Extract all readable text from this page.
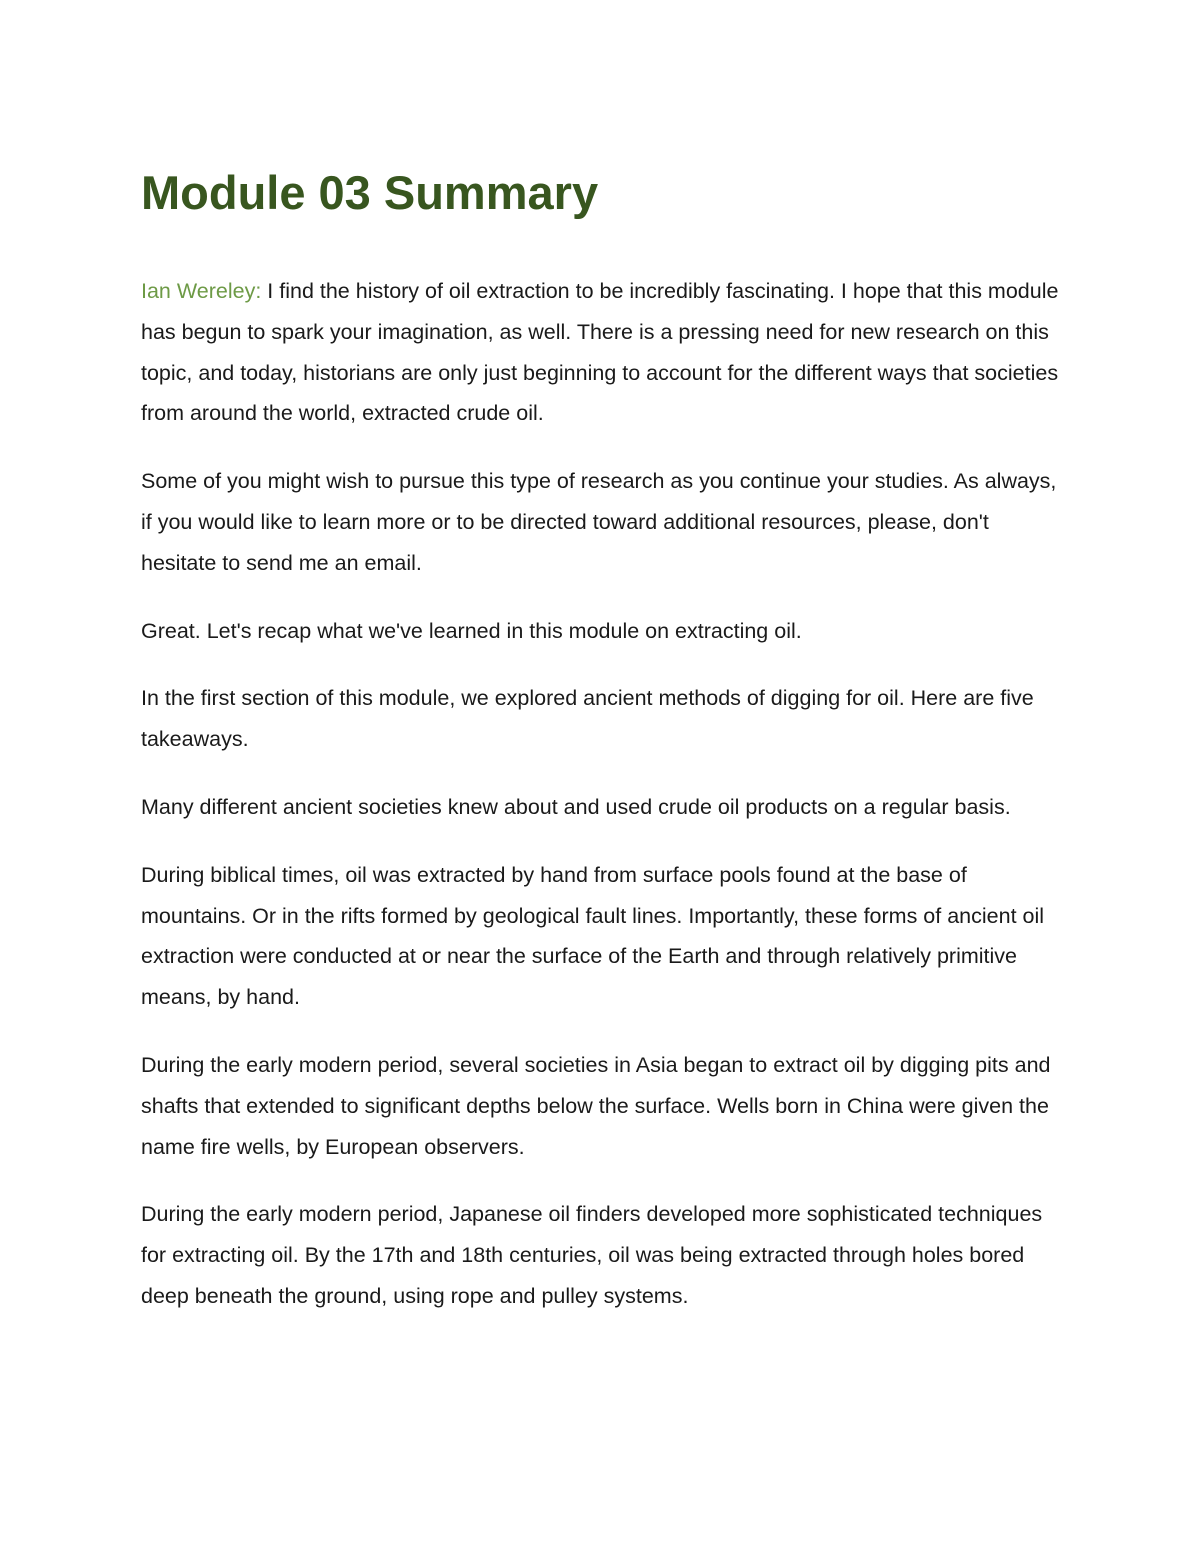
Module 03 Summary

Ian Wereley: I find the history of oil extraction to be incredibly fascinating. I hope that this module has begun to spark your imagination, as well. There is a pressing need for new research on this topic, and today, historians are only just beginning to account for the different ways that societies from around the world, extracted crude oil.

Some of you might wish to pursue this type of research as you continue your studies. As always, if you would like to learn more or to be directed toward additional resources, please, don't hesitate to send me an email.

Great. Let's recap what we've learned in this module on extracting oil.

In the first section of this module, we explored ancient methods of digging for oil. Here are five takeaways.

Many different ancient societies knew about and used crude oil products on a regular basis.

During biblical times, oil was extracted by hand from surface pools found at the base of mountains. Or in the rifts formed by geological fault lines. Importantly, these forms of ancient oil extraction were conducted at or near the surface of the Earth and through relatively primitive means, by hand.

During the early modern period, several societies in Asia began to extract oil by digging pits and shafts that extended to significant depths below the surface. Wells born in China were given the name fire wells, by European observers.

During the early modern period, Japanese oil finders developed more sophisticated techniques for extracting oil. By the 17th and 18th centuries, oil was being extracted through holes bored deep beneath the ground, using rope and pulley systems.
